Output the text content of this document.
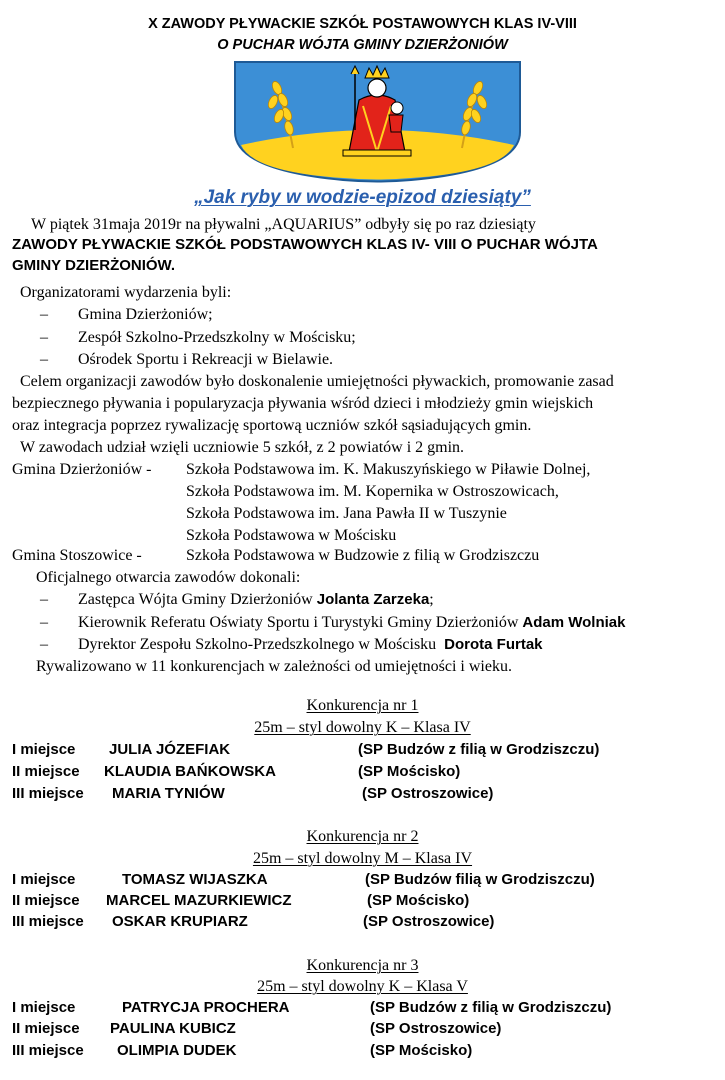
X ZAWODY PŁYWACKIE SZKÓŁ POSTAWOWYCH KLAS IV-VIII
O PUCHAR WÓJTA GMINY DZIERŻONIÓW
„Jak ryby w wodzie-epizod dziesiąty”
W piątek 31maja 2019r na pływalni „AQUARIUS” odbyły się po raz dziesiąty
ZAWODY PŁYWACKIE SZKÓŁ PODSTAWOWYCH KLAS IV- VIII O PUCHAR WÓJTA
GMINY DZIERŻONIÓW.
Organizatorami wydarzenia byli:
– Gmina Dzierżoniów;
– Zespół Szkolno-Przedszkolny w Mościsku;
– Ośrodek Sportu i Rekreacji w Bielawie.
Celem organizacji zawodów było doskonalenie umiejętności pływackich, promowanie zasad
bezpiecznego pływania i popularyzacja pływania wśród dzieci i młodzieży gmin wiejskich
oraz integracja poprzez rywalizację sportową uczniów szkół sąsiadujących gmin.
W zawodach udział wzięli uczniowie 5 szkół, z 2 powiatów i 2 gmin.
Gmina Dzierżoniów - Szkoła Podstawowa im. K. Makuszyńskiego w Piławie Dolnej,
Szkoła Podstawowa im. M. Kopernika w Ostroszowicach,
Szkoła Podstawowa im. Jana Pawła II w Tuszynie
Szkoła Podstawowa w Mościsku
Gmina Stoszowice -	Szkoła Podstawowa w Budzowie z filią w Grodziszczu
Oficjalnego otwarcia zawodów dokonali:
– Zastępca Wójta Gminy Dzierżoniów Jolanta Zarzeka;
– Kierownik Referatu Oświaty Sportu i Turystyki Gminy Dzierżoniów Adam Wolniak
– Dyrektor Zespołu Szkolno-Przedszkolnego w Mościsku Dorota Furtak
Rywalizowano w 11 konkurencjach w zależności od umiejętności i wieku.
Konkurencja nr 1
25m – styl dowolny K – Klasa IV
I miejsce JULIA JÓZEFIAK	(SP Budzów z filią w Grodziszczu)
II miejsce KLAUDIA BAŃKOWSKA	(SP Mościsko)
III miejsce MARIA TYNIÓW	(SP Ostroszowice)
Konkurencja nr 2
25m – styl dowolny M – Klasa IV
I miejsce	TOMASZ WIJASZKA	(SP Budzów filią w Grodziszczu)
II miejsce MARCEL MAZURKIEWICZ	(SP Mościsko)
III miejsce OSKAR KRUPIARZ	(SP Ostroszowice)
Konkurencja nr 3
25m – styl dowolny K – Klasa V
I miejsce	PATRYCJA PROCHERA	(SP Budzów z filią w Grodziszczu)
II miejsce PAULINA KUBICZ	(SP Ostroszowice)
III miejsce OLIMPIA DUDEK	(SP Mościsko)
